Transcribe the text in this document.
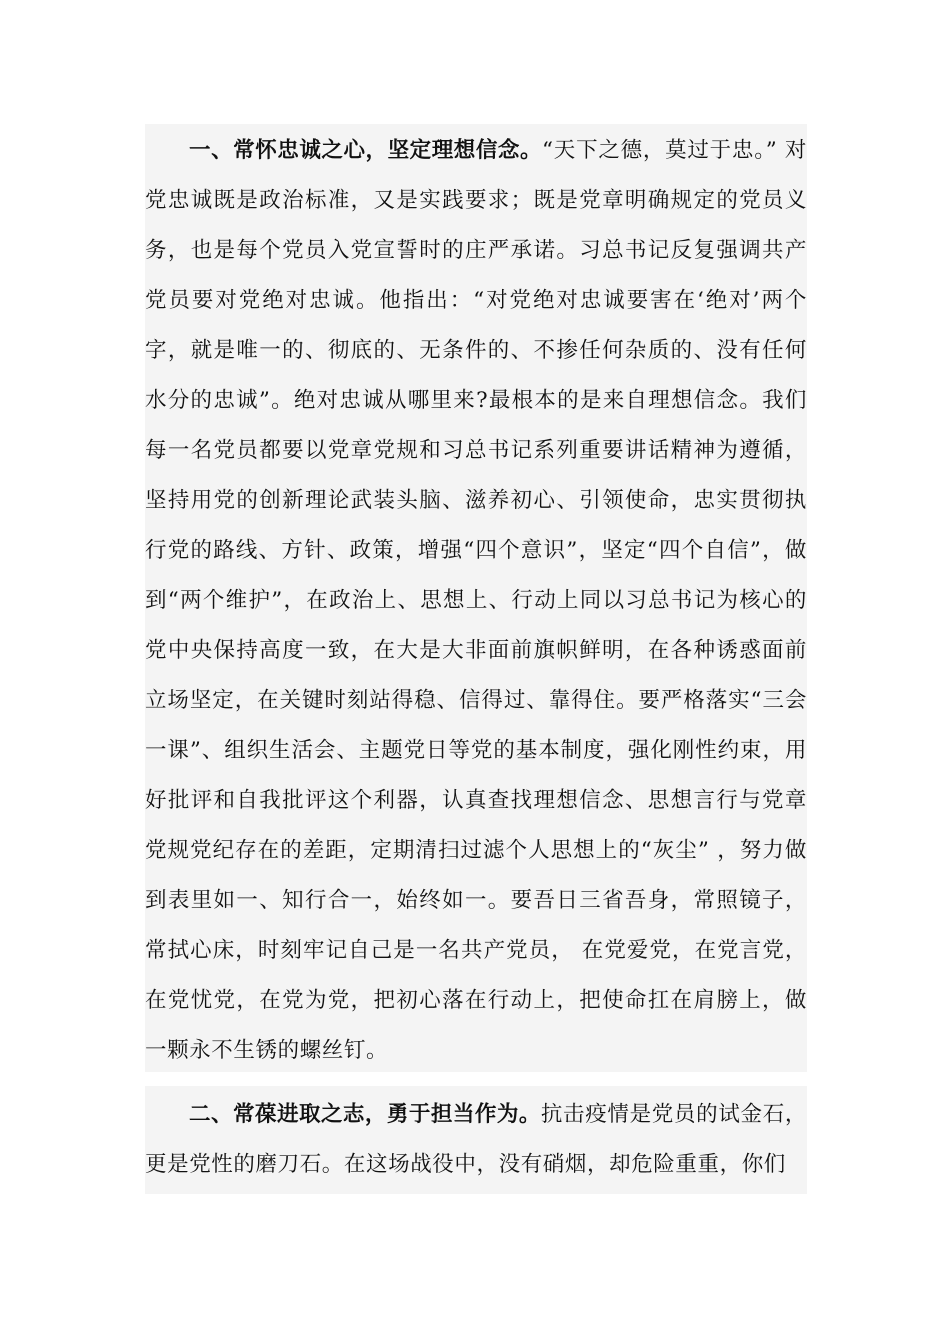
一、常怀忠诚之心，坚定理想信念。“天下之德，莫过于忠。” 对党忠诚既是政治标准，又是实践要求；既是党章明确规定的党员义务，也是每个党员入党宣誓时的庄严承诺。习总书记反复强调共产党员要对党绝对忠诚。他指出：“对党绝对忠诚要害在‘绝对’两个字，就是唯一的、彻底的、无条件的、不掺任何杂质的、没有任何水分的忠诚”。绝对忠诚从哪里来?最根本的是来自理想信念。我们每一名党员都要以党章党规和习总书记系列重要讲话精神为遵循，坚持用党的创新理论武装头脑、滋养初心、引领使命，忠实贯彻执行党的路线、方针、政策，增强“四个意识”，坚定“四个自信”，做到“两个维护”，在政治上、思想上、行动上同以习总书记为核心的党中央保持高度一致，在大是大非面前旗帜鲜明，在各种诱惑面前立场坚定，在关键时刻站得稳、信得过、靠得住。要严格落实“三会一课”、组织生活会、主题党日等党的基本制度，强化刚性约束，用好批评和自我批评这个利器，认真查找理想信念、思想言行与党章党规党纪存在的差距，定期清扫过滤个人思想上的“灰尘” ，努力做到表里如一、知行合一，始终如一。要吾日三省吾身，常照镜子，常拭心床，时刻牢记自己是一名共产党员， 在党爱党，在党言党，在党忧党，在党为党，把初心落在行动上，把使命扛在肩膀上，做一颗永不生锈的螺丝钉。

二、常葆进取之志，勇于担当作为。抗击疫情是党员的试金石，更是党性的磨刀石。在这场战役中，没有硝烟，却危险重重，你们
